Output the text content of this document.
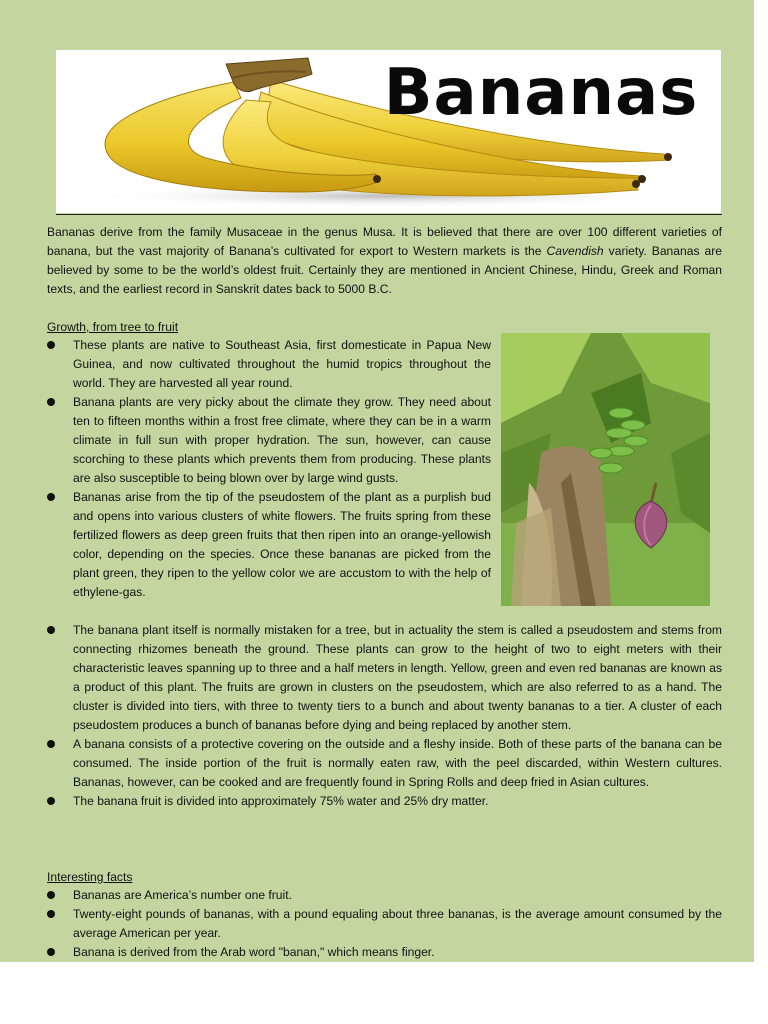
Bananas
Bananas derive from the family Musaceae in the genus Musa. It is believed that there are over 100 different varieties of banana, but the vast majority of Banana’s cultivated for export to Western markets is the Cavendish variety. Bananas are believed by some to be the world’s oldest fruit. Certainly they are mentioned in Ancient Chinese, Hindu, Greek and Roman texts, and the earliest record in Sanskrit dates back to 5000 B.C.
Growth, from tree to fruit
These plants are native to Southeast Asia, first domesticate in Papua New Guinea, and now cultivated throughout the humid tropics throughout the world. They are harvested all year round.
Banana plants are very picky about the climate they grow. They need about ten to fifteen months within a frost free climate, where they can be in a warm climate in full sun with proper hydration. The sun, however, can cause scorching to these plants which prevents them from producing. These plants are also susceptible to being blown over by large wind gusts.
Bananas arise from the tip of the pseudostem of the plant as a purplish bud and opens into various clusters of white flowers. The fruits spring from these fertilized flowers as deep green fruits that then ripen into an orange-yellowish color, depending on the species. Once these bananas are picked from the plant green, they ripen to the yellow color we are accustom to with the help of ethylene-gas.
The banana plant itself is normally mistaken for a tree, but in actuality the stem is called a pseudostem and stems from connecting rhizomes beneath the ground. These plants can grow to the height of two to eight meters with their characteristic leaves spanning up to three and a half meters in length. Yellow, green and even red bananas are known as a product of this plant. The fruits are grown in clusters on the pseudostem, which are also referred to as a hand. The cluster is divided into tiers, with three to twenty tiers to a bunch and about twenty bananas to a tier. A cluster of each pseudostem produces a bunch of bananas before dying and being replaced by another stem.
A banana consists of a protective covering on the outside and a fleshy inside. Both of these parts of the banana can be consumed. The inside portion of the fruit is normally eaten raw, with the peel discarded, within Western cultures. Bananas, however, can be cooked and are frequently found in Spring Rolls and deep fried in Asian cultures.
The banana fruit is divided into approximately 75% water and 25% dry matter.
Interesting facts
Bananas are America’s number one fruit.
Twenty-eight pounds of bananas, with a pound equaling about three bananas, is the average amount consumed by the average American per year.
Banana is derived from the Arab word "banan," which means finger.
